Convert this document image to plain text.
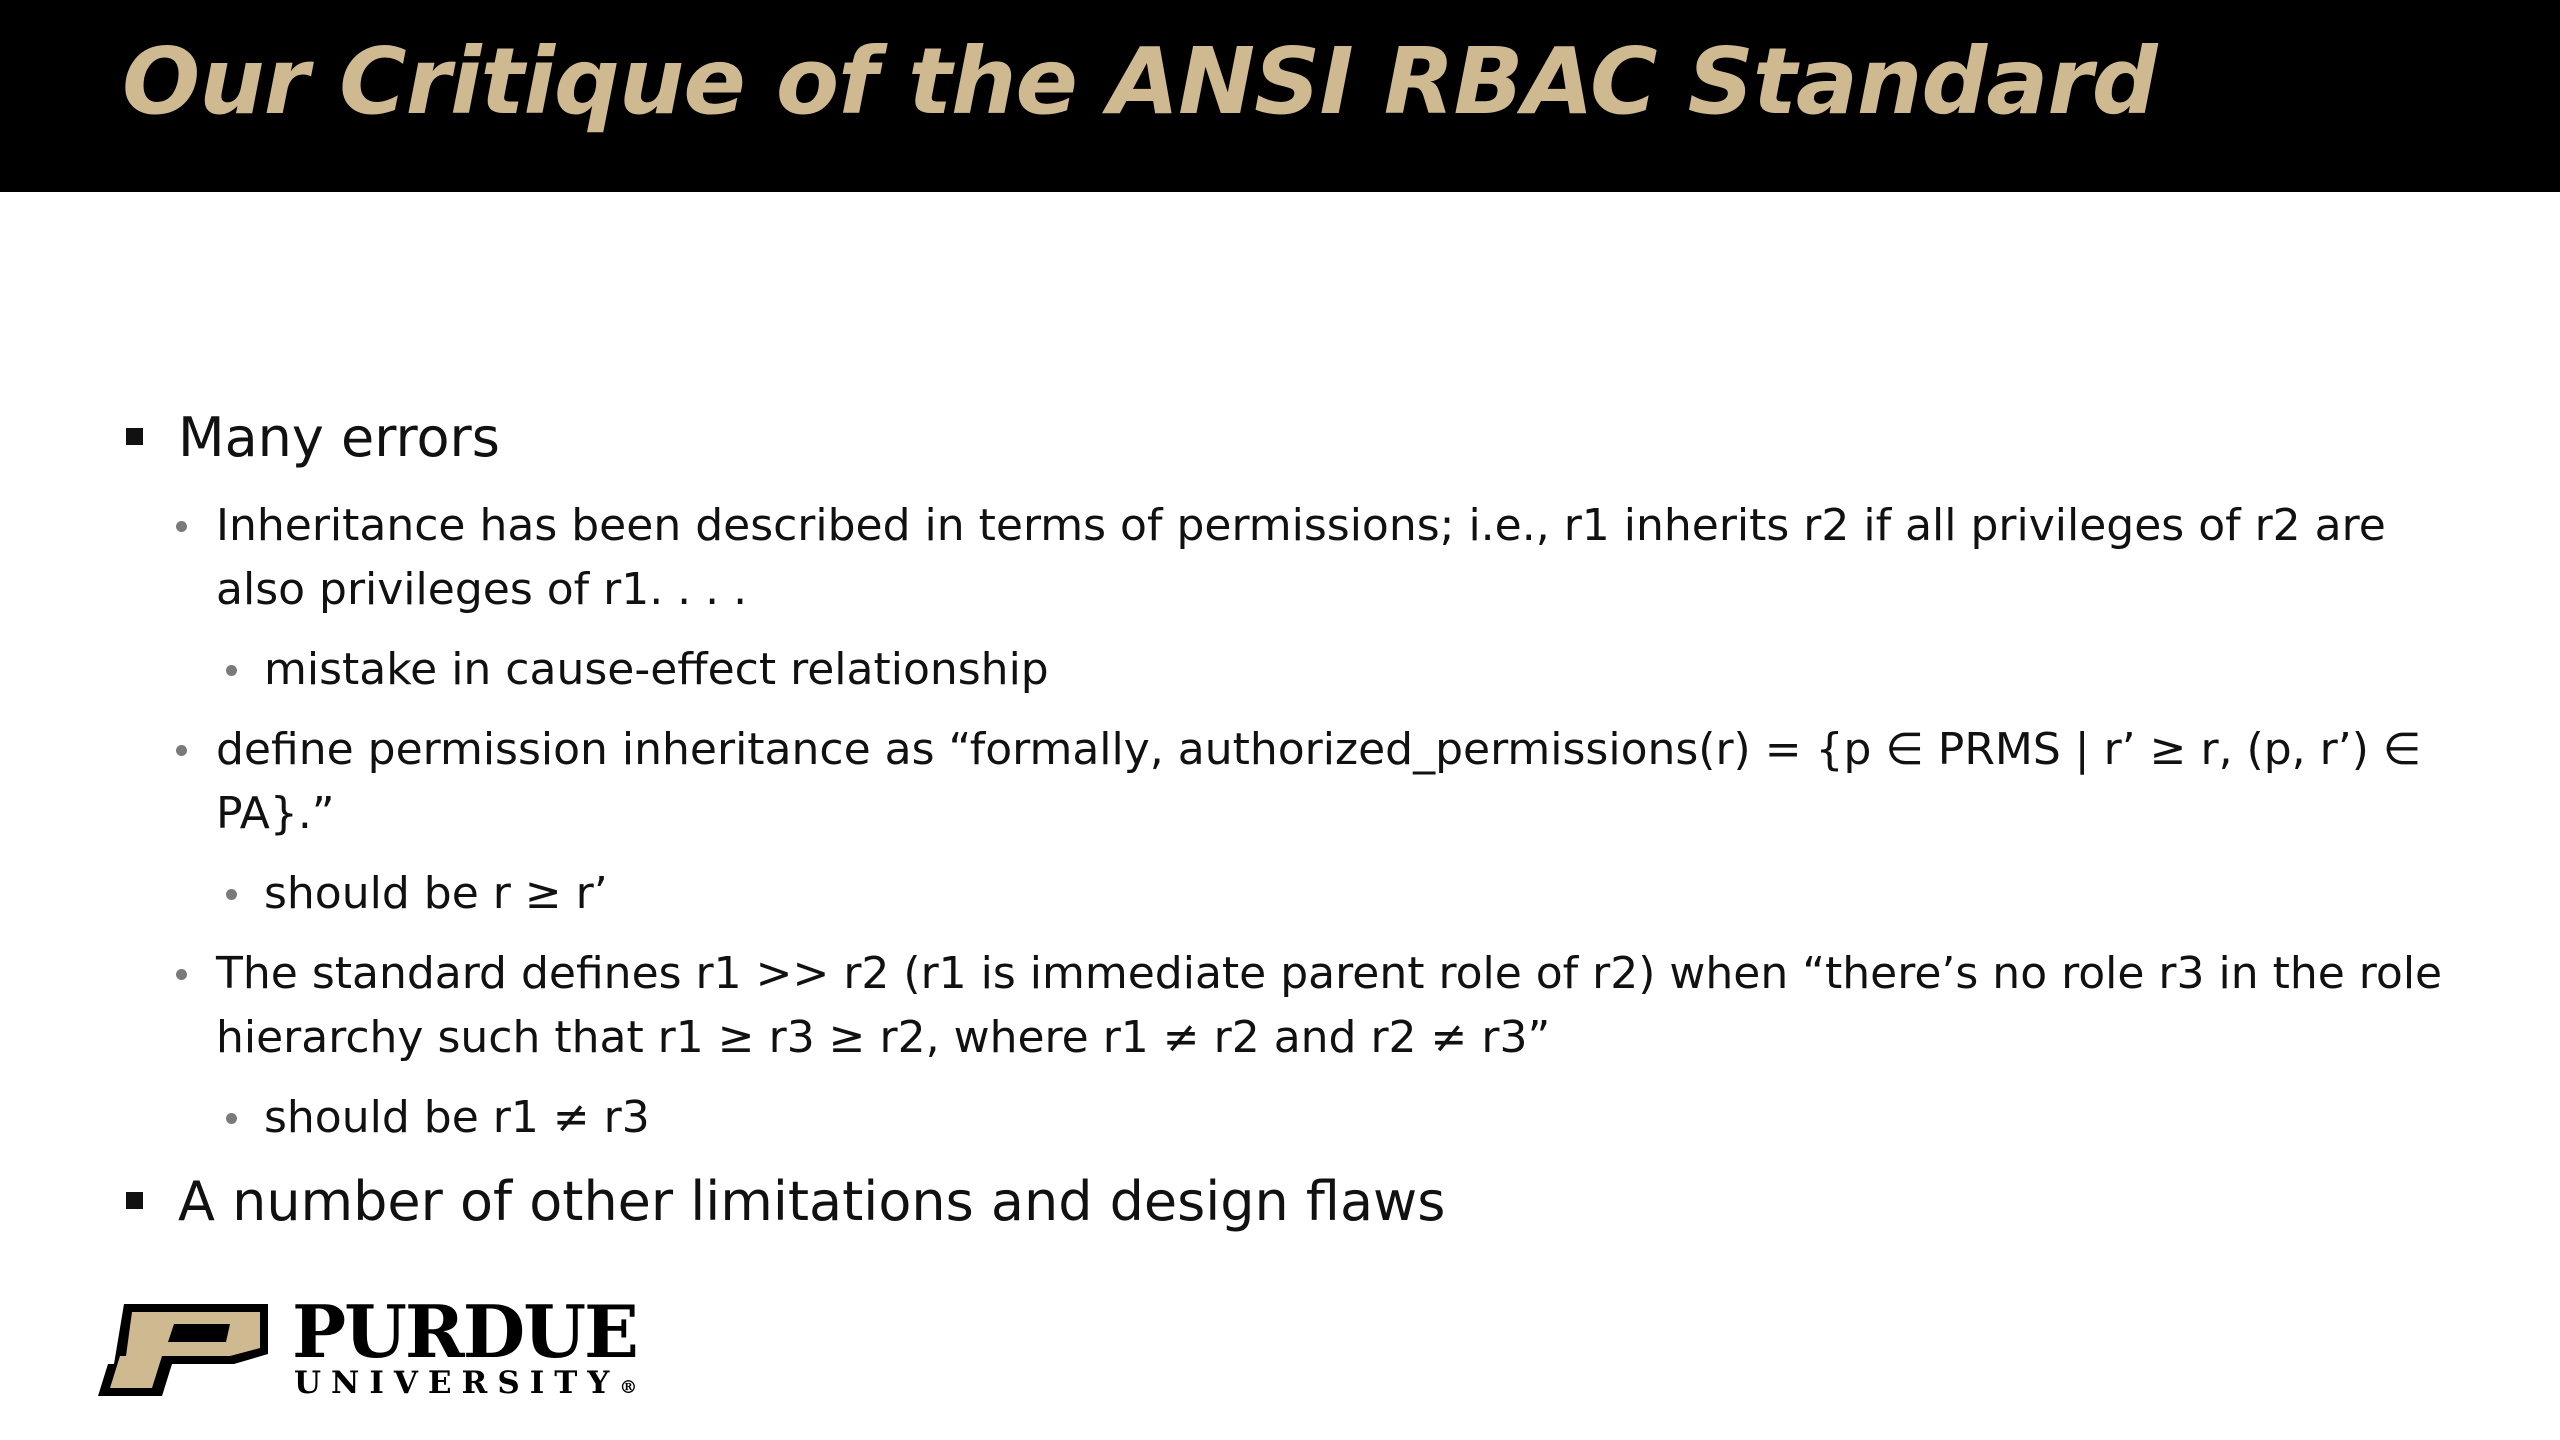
Our Critique of the ANSI RBAC Standard

Many errors

Inheritance has been described in terms of permissions; i.e., r1 inherits r2 if all privileges of r2 are also privileges of r1. . . .

mistake in cause-effect relationship

define permission inheritance as “formally, authorized_permissions(r) = {p ∈ PRMS | r’ ≥ r, (p, r’) ∈ PA}.”

should be r ≥ r’

The standard defines r1 >> r2 (r1 is immediate parent role of r2) when “there’s no role r3 in the role hierarchy such that r1 ≥ r3 ≥ r2, where r1 ≠ r2 and r2 ≠ r3”

should be r1 ≠ r3

A number of other limitations and design flaws

PURDUE
UNIVERSITY®
